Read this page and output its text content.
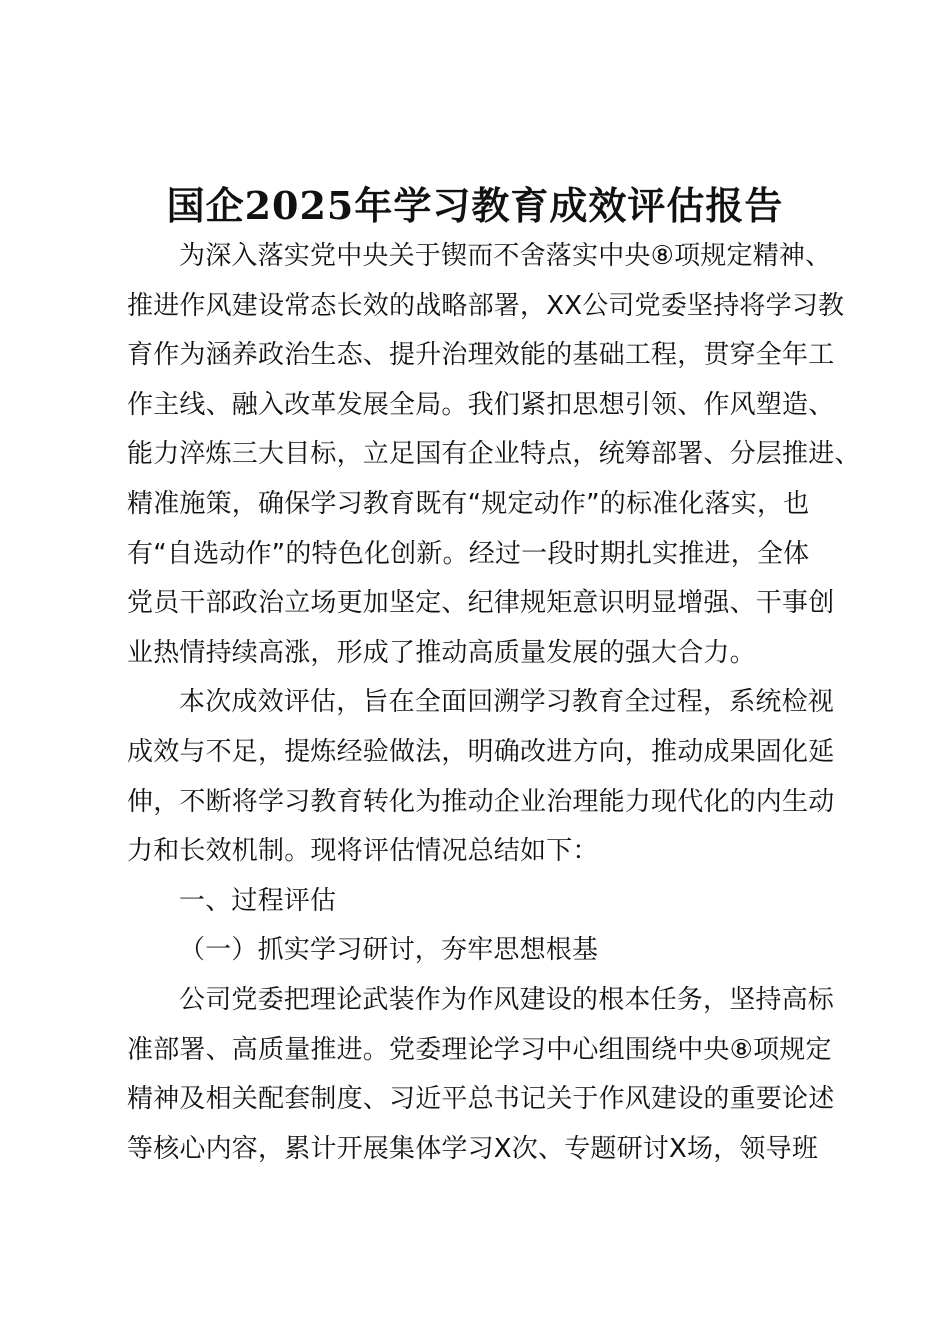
国企2025年学习教育成效评估报告
为深入落实党中央关于锲而不舍落实中央⑧项规定精神、
推进作风建设常态长效的战略部署，XX公司党委坚持将学习教
育作为涵养政治生态、提升治理效能的基础工程，贯穿全年工
作主线、融入改革发展全局。我们紧扣思想引领、作风塑造、
能力淬炼三大目标，立足国有企业特点，统筹部署、分层推进、
精准施策，确保学习教育既有“规定动作”的标准化落实，也
有“自选动作”的特色化创新。经过一段时期扎实推进，全体
党员干部政治立场更加坚定、纪律规矩意识明显增强、干事创
业热情持续高涨，形成了推动高质量发展的强大合力。
本次成效评估，旨在全面回溯学习教育全过程，系统检视
成效与不足，提炼经验做法，明确改进方向，推动成果固化延
伸，不断将学习教育转化为推动企业治理能力现代化的内生动
力和长效机制。现将评估情况总结如下：
一、过程评估
（一）抓实学习研讨，夯牢思想根基
公司党委把理论武装作为作风建设的根本任务，坚持高标
准部署、高质量推进。党委理论学习中心组围绕中央⑧项规定
精神及相关配套制度、习近平总书记关于作风建设的重要论述
等核心内容，累计开展集体学习X次、专题研讨X场，领导班
